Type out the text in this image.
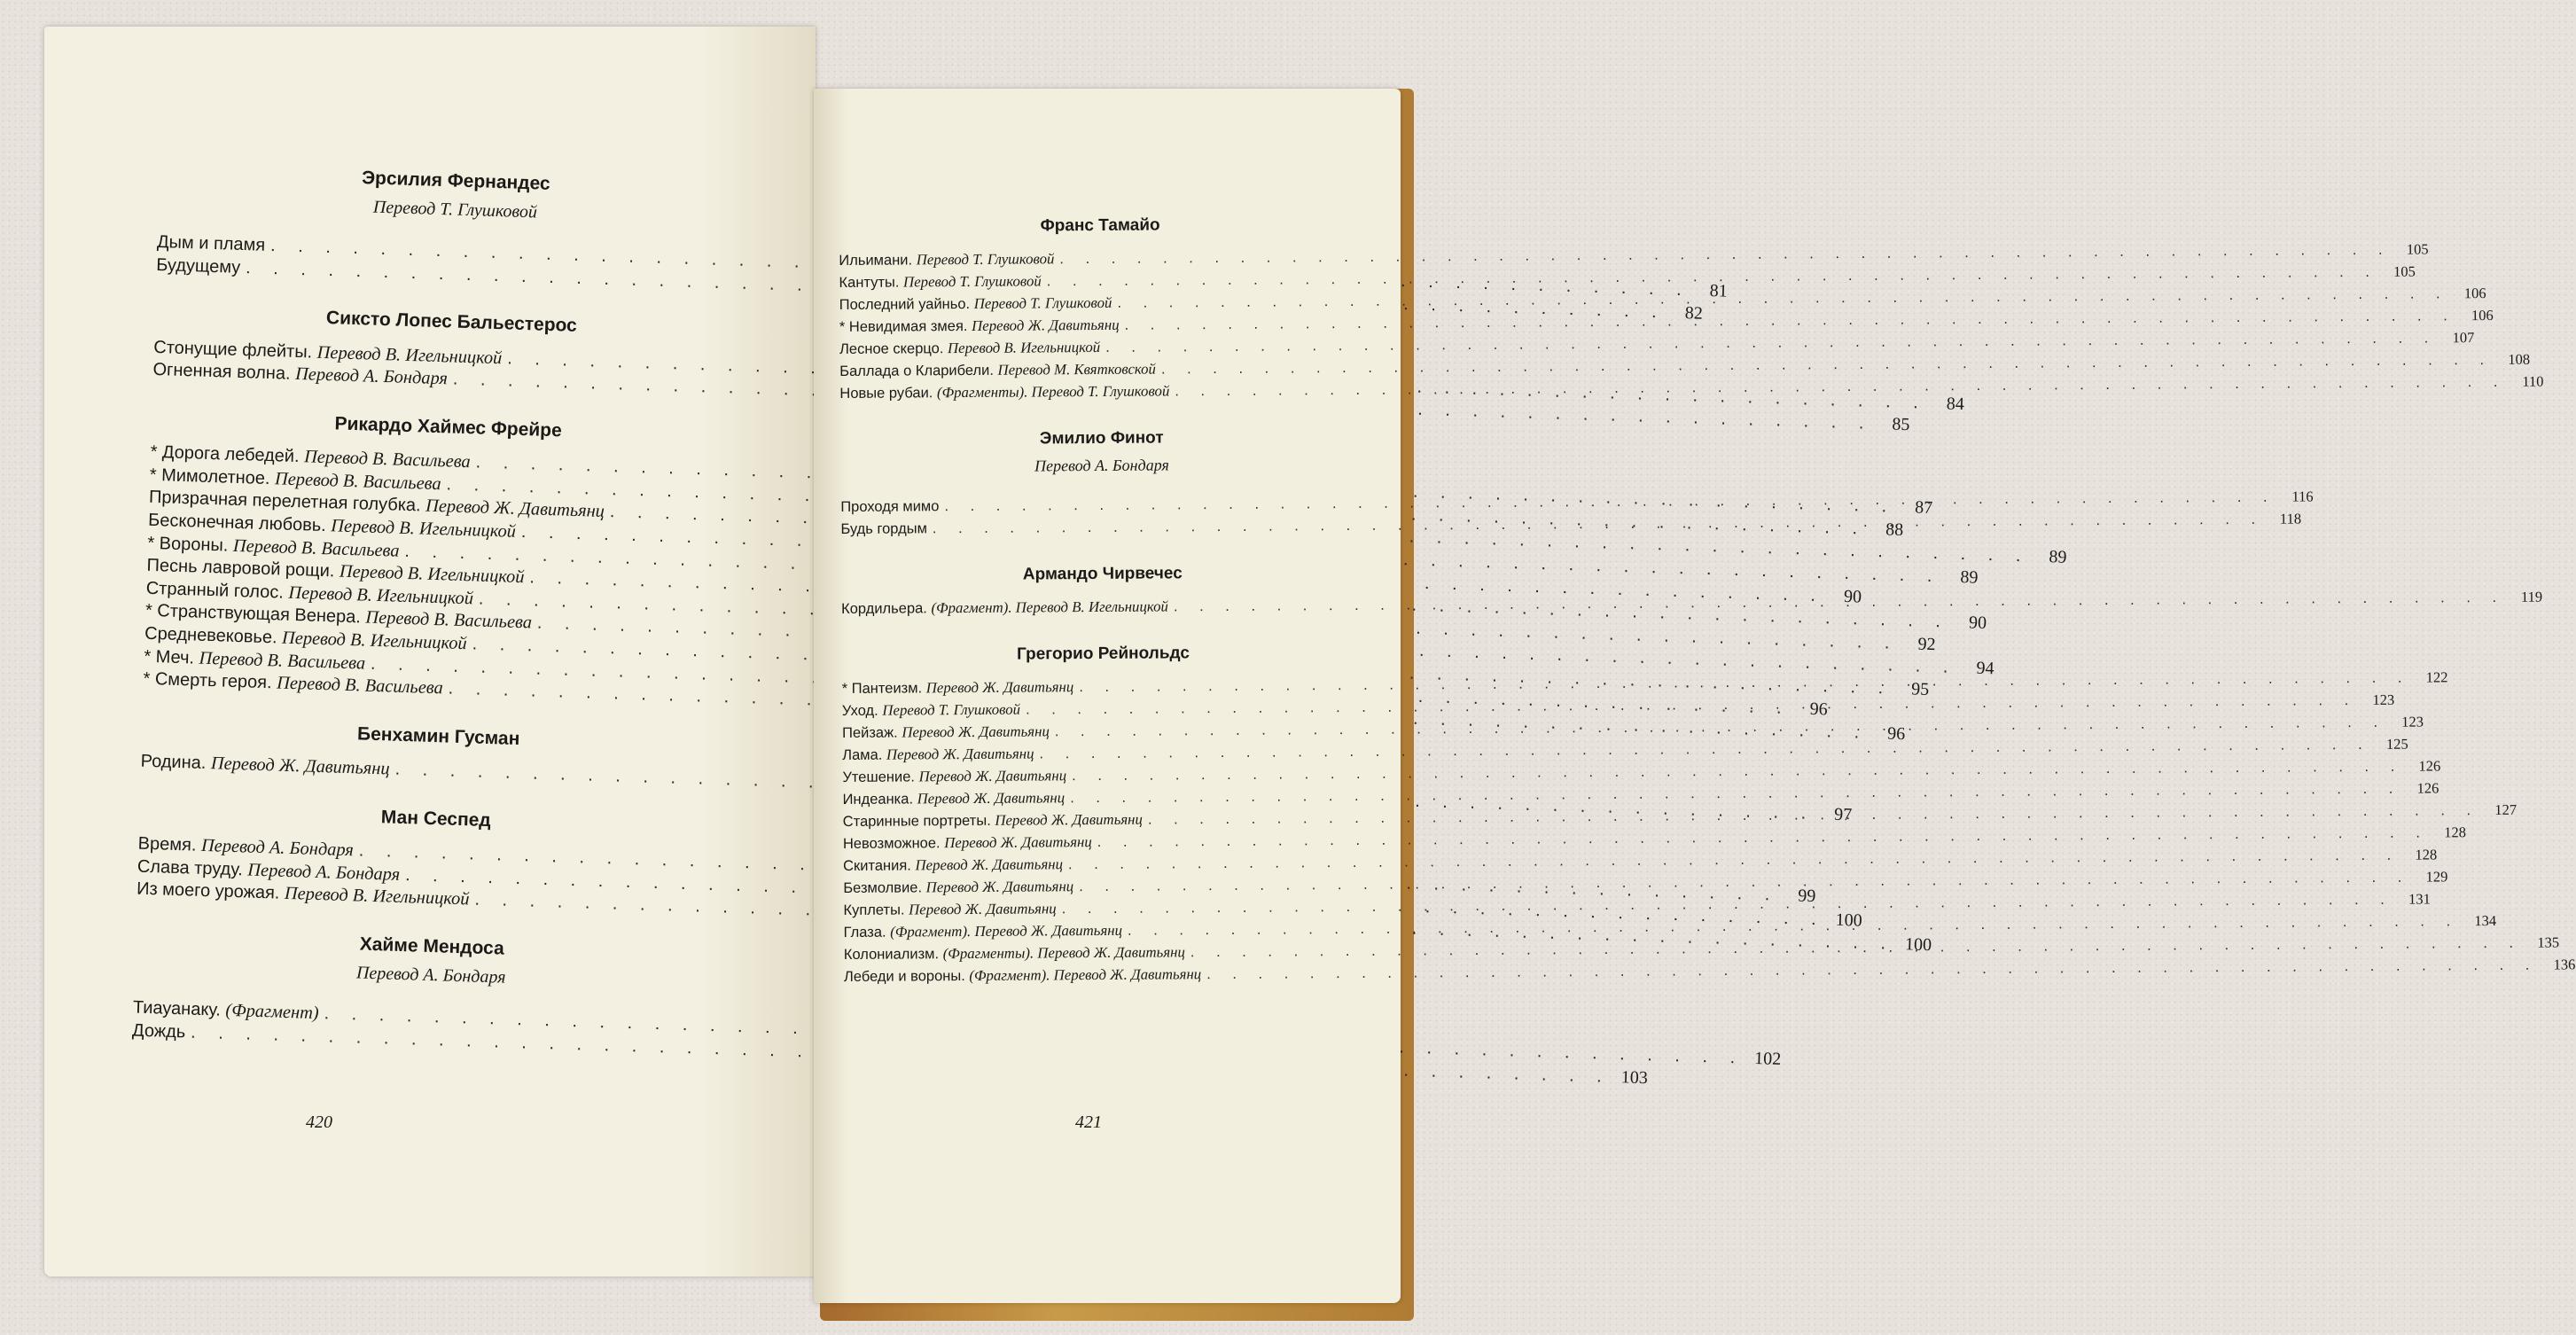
Эрсилия Фернандес
Перевод Т. Глушковой
Дым и пламя
. . .
81
Будущему
. . .
82
Сиксто Лопес Бальестерос
Стонущие флейты. Перевод В. Игельницкой
. . .
84
Огненная волна. Перевод А. Бондаря
. . .
85
Рикардо Хаймес Фрейре
* Дорога лебедей. Перевод В. Васильева
. . .
87
* Мимолетное. Перевод В. Васильева
. . .
88
Призрачная перелетная голубка. Перевод Ж. Давитьянц
. . .
89
Бесконечная любовь. Перевод В. Игельницкой
. . .
89
* Вороны. Перевод В. Васильева
. . .
90
Песнь лавровой рощи. Перевод В. Игельницкой
. . .
90
Странный голос. Перевод В. Игельницкой
. . .
92
* Странствующая Венера. Перевод В. Васильева
. . .
94
Средневековье. Перевод В. Игельницкой
. . .
95
* Меч. Перевод В. Васильева
. . .
96
* Смерть героя. Перевод В. Васильева
. . .
96
Бенхамин Гусман
Родина. Перевод Ж. Давитьянц
. . .
97
Ман Сеспед
Время. Перевод А. Бондаря
. . .
99
Слава труду. Перевод А. Бондаря
. . .
100
Из моего урожая. Перевод В. Игельницкой
. . .
100
Хайме Мендоса
Перевод А. Бондаря
Тиауанаку. (Фрагмент)
. . .
102
Дождь
. . .
103
420
Франс Тамайо
Ильимани. Перевод Т. Глушковой
. . .
105
Кантуты. Перевод Т. Глушковой
. . .
105
Последний уайньо. Перевод Т. Глушковой
. . .
106
* Невидимая змея. Перевод Ж. Давитьянц
. . .
106
Лесное скерцо. Перевод В. Игельницкой
. . .
107
Баллада о Кларибели. Перевод М. Квятковской
. . .
108
Новые рубаи. (Фрагменты). Перевод Т. Глушковой
. . .
110
Эмилио Финот
Перевод А. Бондаря
Проходя мимо
. . .
116
Будь гордым
. . .
118
Армандо Чирвечес
Кордильера. (Фрагмент). Перевод В. Игельницкой
. . .
119
Грегорио Рейнольдс
* Пантеизм. Перевод Ж. Давитьянц
. . .
122
Уход. Перевод Т. Глушковой
. . .
123
Пейзаж. Перевод Ж. Давитьянц
. . .
123
Лама. Перевод Ж. Давитьянц
. . .
125
Утешение. Перевод Ж. Давитьянц
. . .
126
Индеанка. Перевод Ж. Давитьянц
. . .
126
Старинные портреты. Перевод Ж. Давитьянц
. . .
127
Невозможное. Перевод Ж. Давитьянц
. . .
128
Скитания. Перевод Ж. Давитьянц
. . .
128
Безмолвие. Перевод Ж. Давитьянц
. . .
129
Куплеты. Перевод Ж. Давитьянц
. . .
131
Глаза. (Фрагмент). Перевод Ж. Давитьянц
. . .
134
Колониализм. (Фрагменты). Перевод Ж. Давитьянц
. . .
135
Лебеди и вороны. (Фрагмент). Перевод Ж. Давитьянц
. . .
136
421
